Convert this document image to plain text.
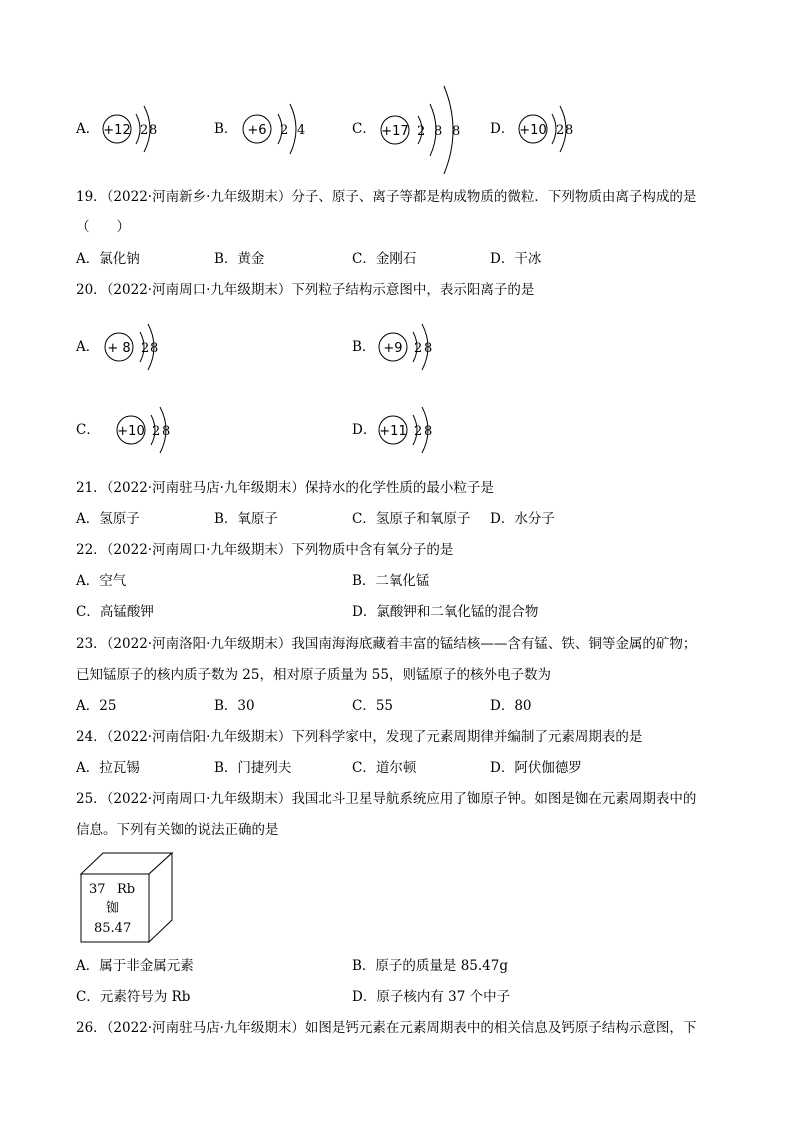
A． +12 2 8	B． +6 2 4	C． +17 2 8 8 D． +10 2 8
19．（2022·河南新乡·九年级期末）分子、原子、离子等都是构成物质的微粒．下列物质由离子构成的是
（　　）
A．氯化钠	B．黄金	C．金刚石	D．干冰
20．（2022·河南周口·九年级期末）下列粒子结构示意图中，表示阳离子的是
A． + 8 2 8	B． +9 2 8
C． +10 2 8	D． +11 2 8
21．（2022·河南驻马店·九年级期末）保持水的化学性质的最小粒子是
A．氢原子	B．氧原子	C．氢原子和氧原子 D．水分子
22．（2022·河南周口·九年级期末）下列物质中含有氧分子的是
A．空气	B．二氧化锰
C．高锰酸钾	D．氯酸钾和二氧化锰的混合物
23．（2022·河南洛阳·九年级期末）我国南海海底藏着丰富的锰结核——含有锰、铁、铜等金属的矿物；
已知锰原子的核内质子数为 25，相对原子质量为 55，则锰原子的核外电子数为
A．25	B．30	C．55	D．80
24．（2022·河南信阳·九年级期末）下列科学家中，发现了元素周期律并编制了元素周期表的是
A．拉瓦锡	B．门捷列夫	C．道尔顿	D．阿伏伽德罗
25．（2022·河南周口·九年级期末）我国北斗卫星导航系统应用了铷原子钟。如图是铷在元素周期表中的
信息。下列有关铷的说法正确的是
37 Rb
铷
85.47
A．属于非金属元素	B．原子的质量是 85.47g
C．元素符号为 Rb	D．原子核内有 37 个中子
26．（2022·河南驻马店·九年级期末）如图是钙元素在元素周期表中的相关信息及钙原子结构示意图，下
